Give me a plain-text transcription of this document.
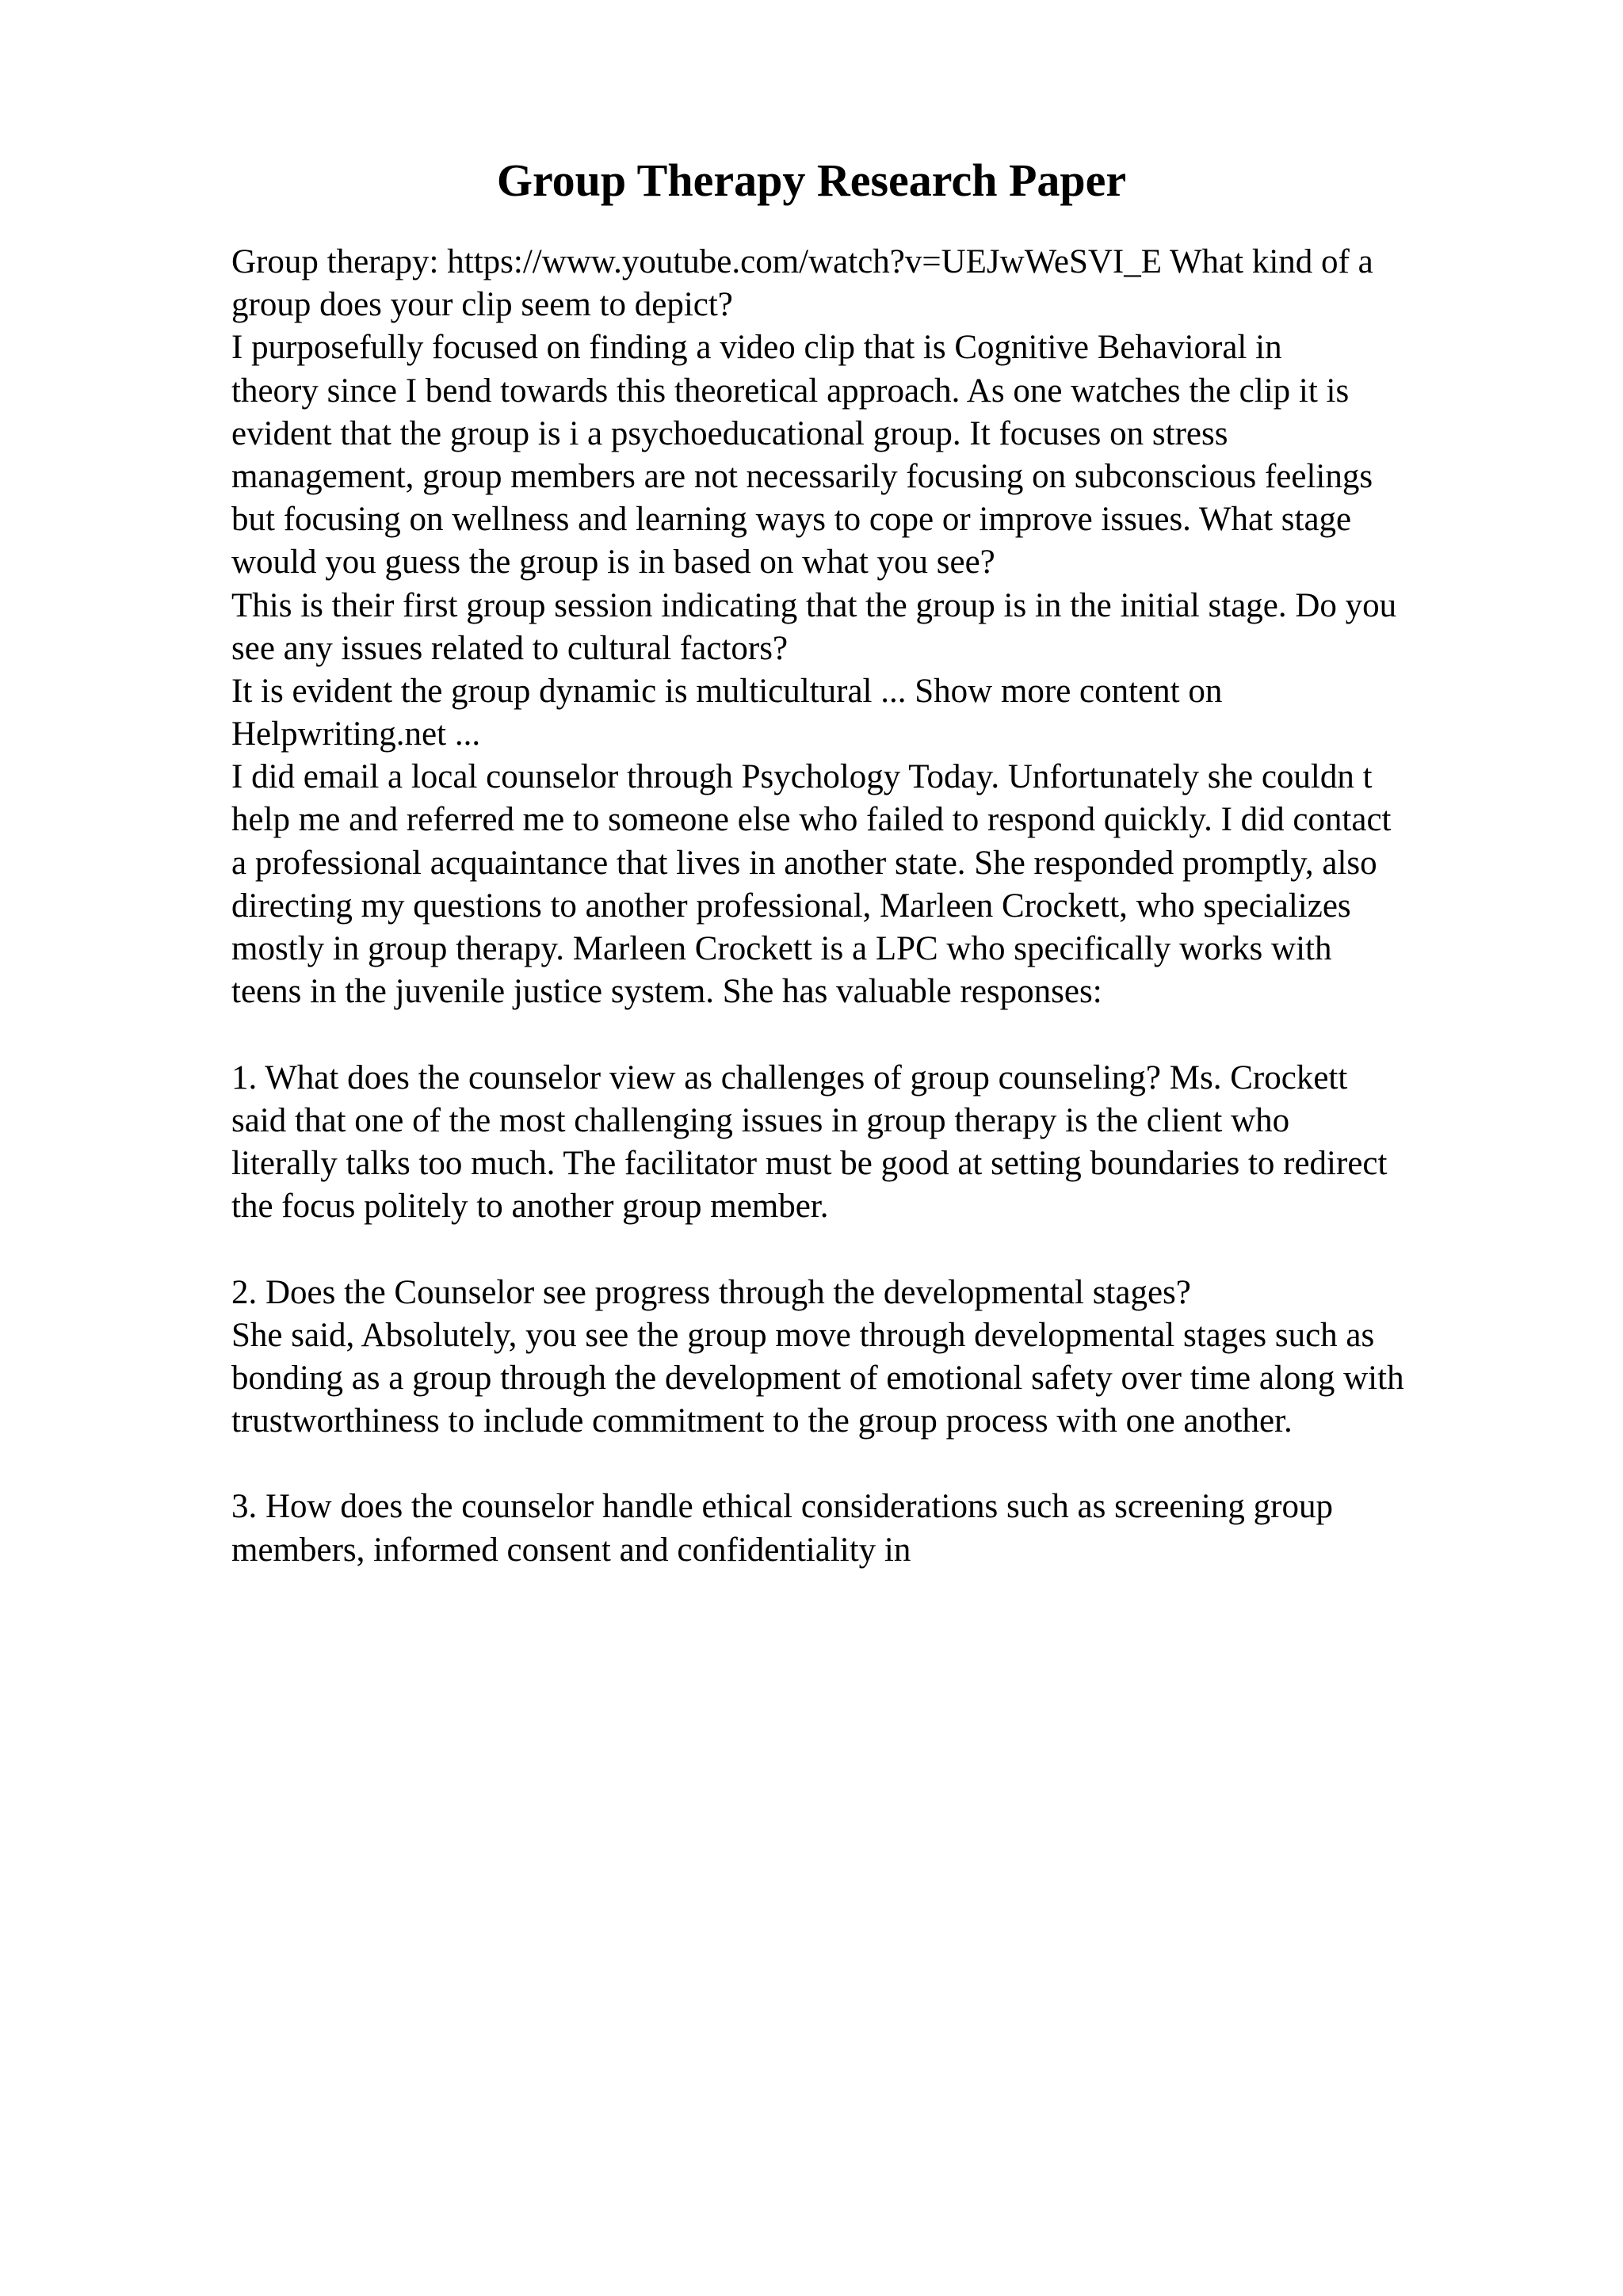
Group Therapy Research Paper
Group therapy: https://www.youtube.com/watch?v=UEJwWeSVI_E What kind of a
group does your clip seem to depict?
I purposefully focused on finding a video clip that is Cognitive Behavioral in
theory since I bend towards this theoretical approach. As one watches the clip it is
evident that the group is i a psychoeducational group. It focuses on stress
management, group members are not necessarily focusing on subconscious feelings
but focusing on wellness and learning ways to cope or improve issues. What stage
would you guess the group is in based on what you see?
This is their first group session indicating that the group is in the initial stage. Do you
see any issues related to cultural factors?
It is evident the group dynamic is multicultural ... Show more content on
Helpwriting.net ...
I did email a local counselor through Psychology Today. Unfortunately she couldn t
help me and referred me to someone else who failed to respond quickly. I did contact
a professional acquaintance that lives in another state. She responded promptly, also
directing my questions to another professional, Marleen Crockett, who specializes
mostly in group therapy. Marleen Crockett is a LPC who specifically works with
teens in the juvenile justice system. She has valuable responses:
1. What does the counselor view as challenges of group counseling? Ms. Crockett
said that one of the most challenging issues in group therapy is the client who
literally talks too much. The facilitator must be good at setting boundaries to redirect
the focus politely to another group member.
2. Does the Counselor see progress through the developmental stages?
She said, Absolutely, you see the group move through developmental stages such as
bonding as a group through the development of emotional safety over time along with
trustworthiness to include commitment to the group process with one another.
3. How does the counselor handle ethical considerations such as screening group
members, informed consent and confidentiality in
